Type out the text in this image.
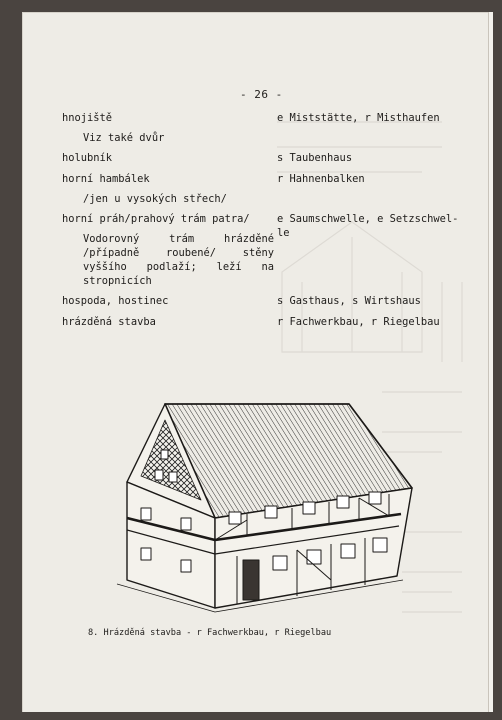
- 26 -
hnojiště
Viz také dvůr
holubník
horní hambálek
/jen u vysokých střech/
horní práh/prahový trám patra/
Vodorovný trám hrázděné
/případně roubené/ stěny
vyššího podlaží; leží na
stropnicích
hospoda, hostinec
hrázděná stavba
e Miststätte, r Misthaufen
s Taubenhaus
r Hahnenbalken
e Saumschwelle, e Setzschwel-
le
s Gasthaus, s Wirtshaus
r Fachwerkbau, r Riegelbau
8. Hrázděná stavba - r Fachwerkbau, r Riegelbau
